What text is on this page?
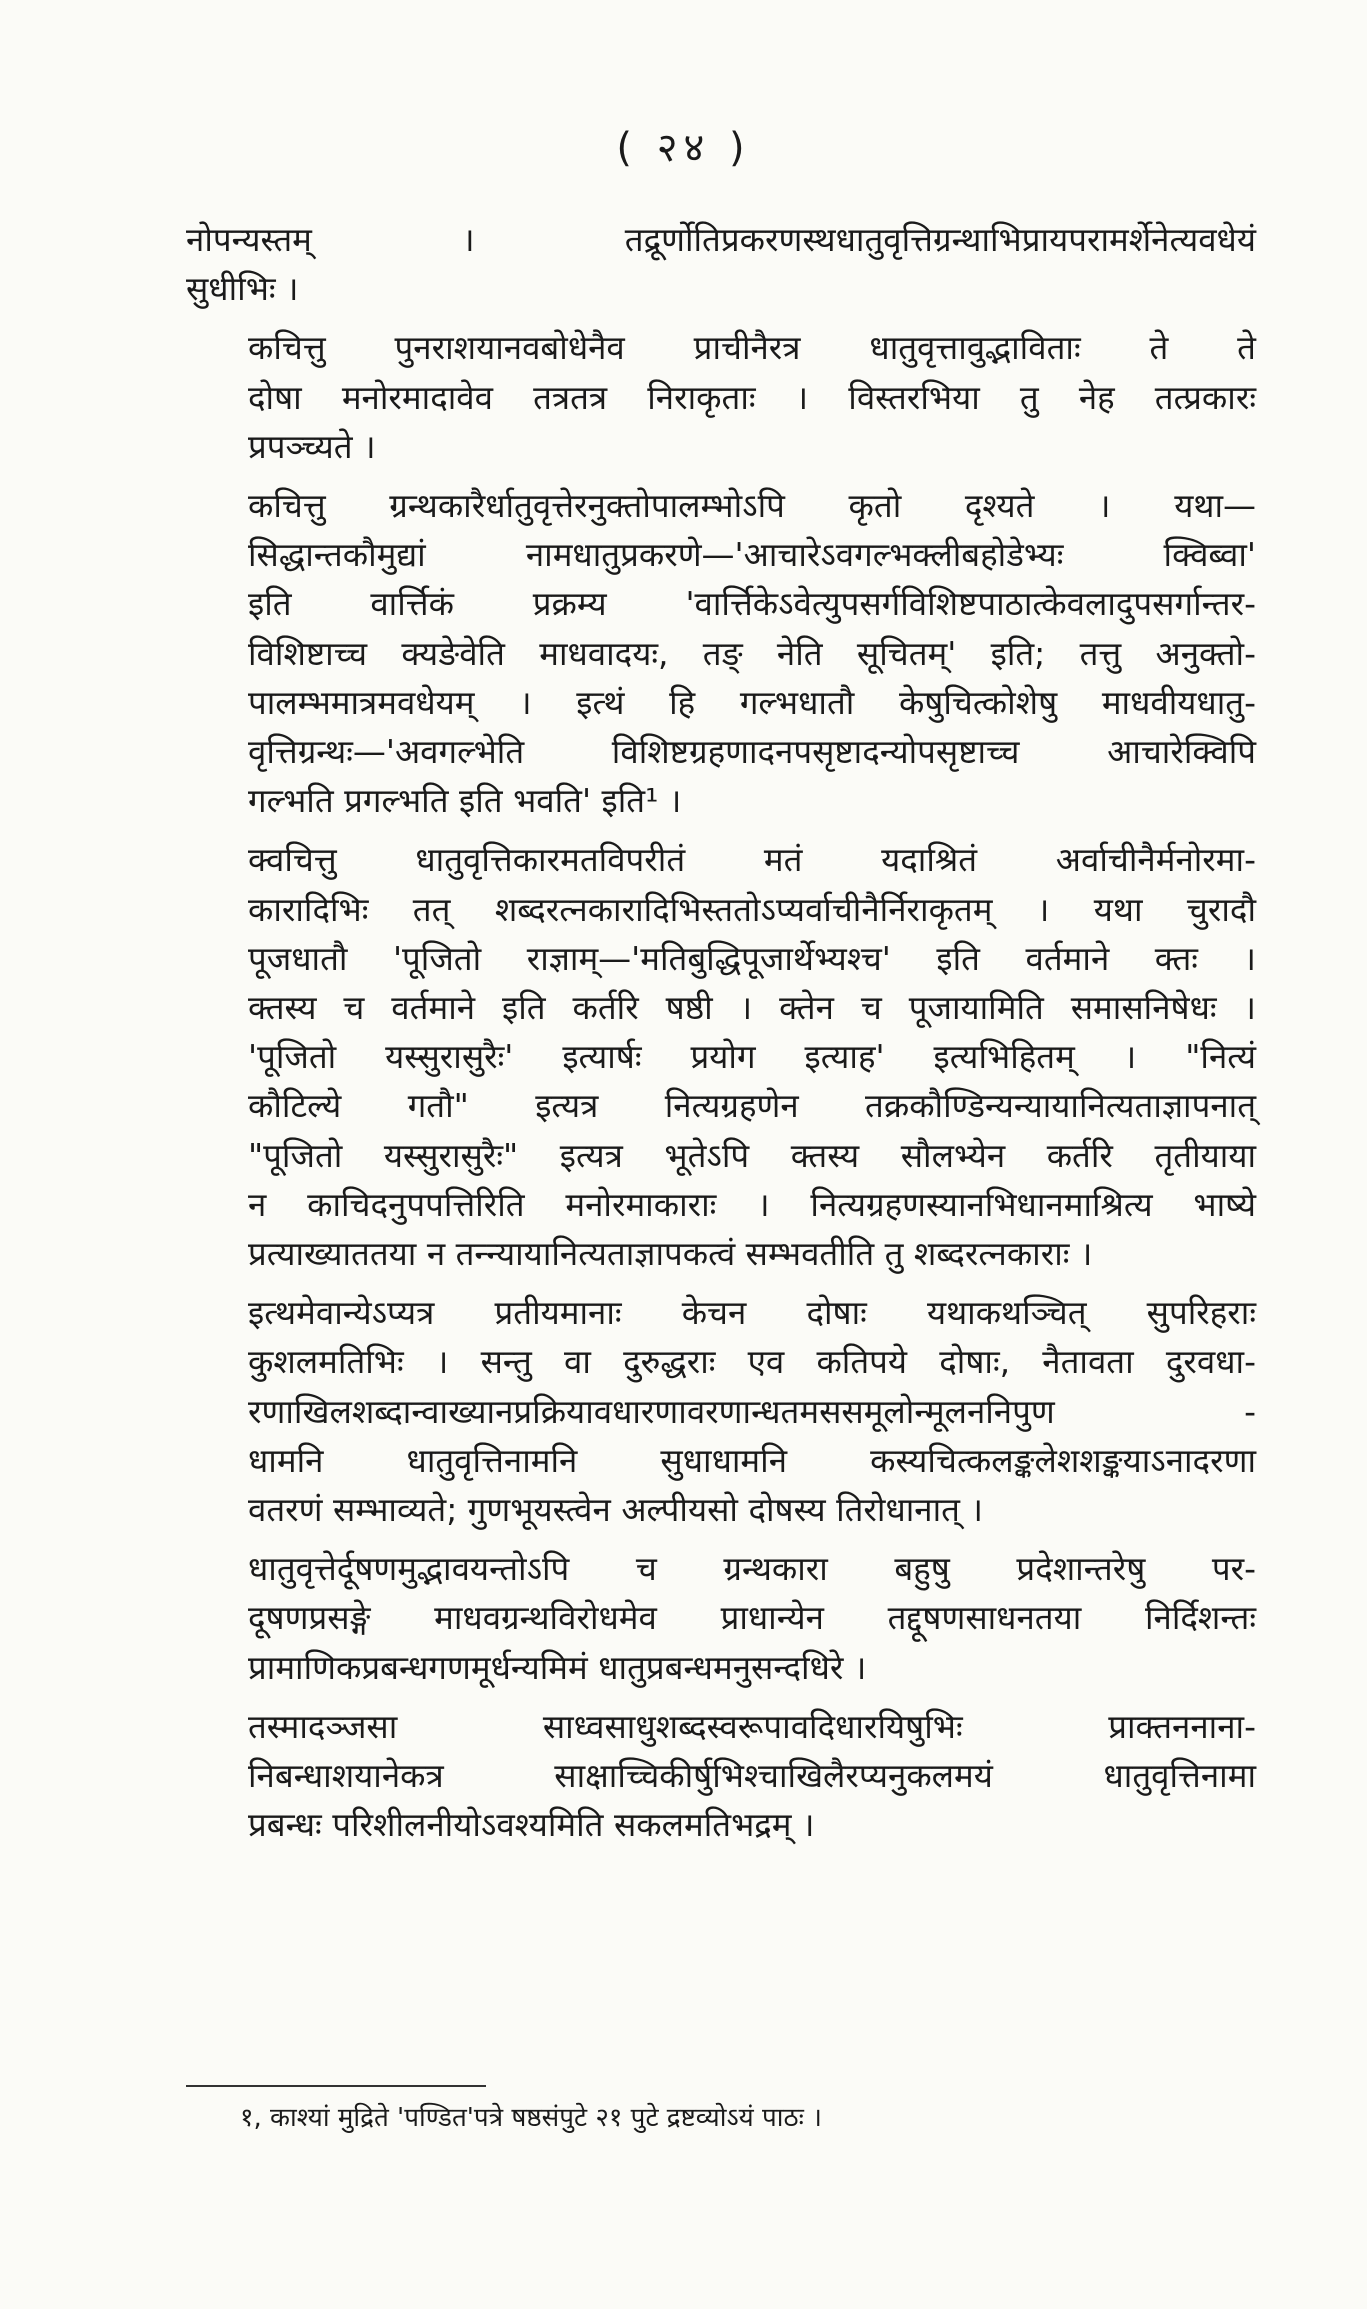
( २४ )
नोपन्यस्तम् । तद्रूर्णोतिप्रकरणस्थधातुवृत्तिग्रन्थाभिप्रायपरामर्शेनेत्यवधेयं
सुधीभिः ।
कचित्तु पुनराशयानवबोधेनैव प्राचीनैरत्र धातुवृत्तावुद्भाविताः ते ते
दोषा मनोरमादावेव तत्रतत्र निराकृताः । विस्तरभिया तु नेह तत्प्रकारः
प्रपञ्च्यते ।
कचित्तु ग्रन्थकारैर्धातुवृत्तेरनुक्तोपालम्भोऽपि कृतो दृश्यते । यथा—
सिद्धान्तकौमुद्यां नामधातुप्रकरणे—'आचारेऽवगल्भक्लीबहोडेभ्यः क्विब्वा'
इति वार्त्तिकं प्रक्रम्य 'वार्त्तिकेऽवेत्युपसर्गविशिष्टपाठात्केवलादुपसर्गान्तर-
विशिष्टाच्च क्यङेवेति माधवादयः, तङ् नेति सूचितम्' इति; तत्तु अनुक्तो-
पालम्भमात्रमवधेयम् । इत्थं हि गल्भधातौ केषुचित्कोशेषु माधवीयधातु-
वृत्तिग्रन्थः—'अवगल्भेति विशिष्टग्रहणादनपसृष्टादन्योपसृष्टाच्च आचारेक्विपि
गल्भति प्रगल्भति इति भवति' इति¹ ।
क्वचित्तु धातुवृत्तिकारमतविपरीतं मतं यदाश्रितं अर्वाचीनैर्मनोरमा-
कारादिभिः तत् शब्दरत्नकारादिभिस्ततोऽप्यर्वाचीनैर्निराकृतम् । यथा चुरादौ
पूजधातौ 'पूजितो राज्ञाम्—'मतिबुद्धिपूजार्थेभ्यश्च' इति वर्तमाने क्तः ।
क्तस्य च वर्तमाने इति कर्तरि षष्ठी । क्तेन च पूजायामिति समासनिषेधः ।
'पूजितो यस्सुरासुरैः' इत्यार्षः प्रयोग इत्याह' इत्यभिहितम् । "नित्यं
कौटिल्ये गतौ" इत्यत्र नित्यग्रहणेन तक्रकौण्डिन्यन्यायानित्यताज्ञापनात्
"पूजितो यस्सुरासुरैः" इत्यत्र भूतेऽपि क्तस्य सौलभ्येन कर्तरि तृतीयाया
न काचिदनुपपत्तिरिति मनोरमाकाराः । नित्यग्रहणस्यानभिधानमाश्रित्य भाष्ये
प्रत्याख्याततया न तन्न्यायानित्यताज्ञापकत्वं सम्भवतीति तु शब्दरत्नकाराः ।
इत्थमेवान्येऽप्यत्र प्रतीयमानाः केचन दोषाः यथाकथञ्चित् सुपरिहराः
कुशलमतिभिः । सन्तु वा दुरुद्धराः एव कतिपये दोषाः, नैतावता दुरवधा-
रणाखिलशब्दान्वाख्यानप्रक्रियावधारणावरणान्धतमससमूलोन्मूलननिपुण -
धामनि धातुवृत्तिनामनि सुधाधामनि कस्यचित्कलङ्कलेशशङ्कयाऽनादरणा
वतरणं सम्भाव्यते; गुणभूयस्त्वेन अल्पीयसो दोषस्य तिरोधानात् ।
धातुवृत्तेर्दूषणमुद्भावयन्तोऽपि च ग्रन्थकारा बहुषु प्रदेशान्तरेषु पर-
दूषणप्रसङ्गे माधवग्रन्थविरोधमेव प्राधान्येन तद्दूषणसाधनतया निर्दिशन्तः
प्रामाणिकप्रबन्धगणमूर्धन्यमिमं धातुप्रबन्धमनुसन्दधिरे ।
तस्मादञ्जसा साध्वसाधुशब्दस्वरूपावदिधारयिषुभिः प्राक्तननाना-
निबन्धाशयानेकत्र साक्षाच्चिकीर्षुभिश्चाखिलैरप्यनुकलमयं धातुवृत्तिनामा
प्रबन्धः परिशीलनीयोऽवश्यमिति सकलमतिभद्रम् ।
१, काश्यां मुद्रिते 'पण्डित'पत्रे षष्ठसंपुटे २१ पुटे द्रष्टव्योऽयं पाठः ।
